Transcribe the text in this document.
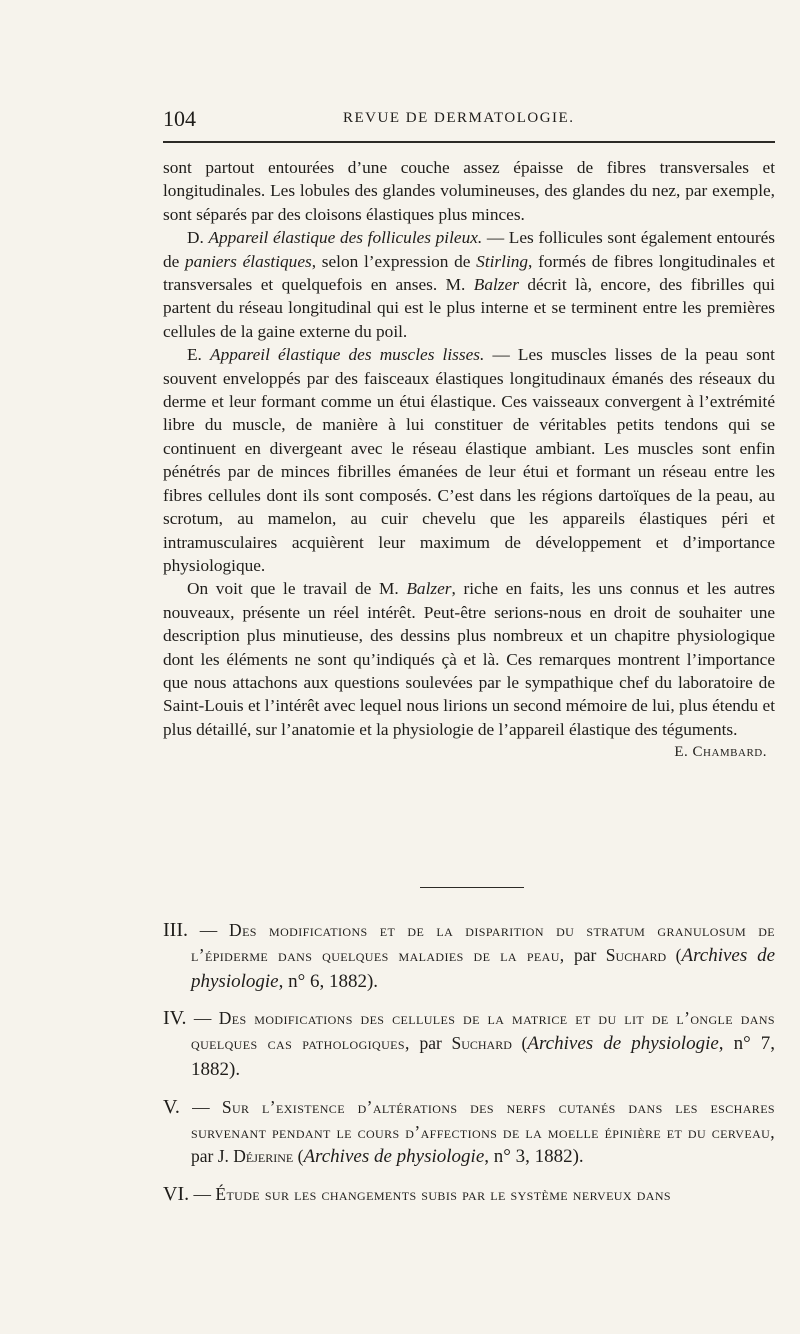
104	REVUE DE DERMATOLOGIE.

sont partout entourées d’une couche assez épaisse de fibres transversales et longitudinales. Les lobules des glandes volumineuses, des glandes du nez, par exemple, sont séparés par des cloisons élastiques plus minces.

D. Appareil élastique des follicules pileux. — Les follicules sont également entourés de paniers élastiques, selon l’expression de Stirling, formés de fibres longitudinales et transversales et quelquefois en anses. M. Balzer décrit là, encore, des fibrilles qui partent du réseau longitudinal qui est le plus interne et se terminent entre les premières cellules de la gaine externe du poil.

E. Appareil élastique des muscles lisses. — Les muscles lisses de la peau sont souvent enveloppés par des faisceaux élastiques longitudinaux émanés des réseaux du derme et leur formant comme un étui élastique. Ces vaisseaux convergent à l’extrémité libre du muscle, de manière à lui constituer de véritables petits tendons qui se continuent en divergeant avec le réseau élastique ambiant. Les muscles sont enfin pénétrés par de minces fibrilles émanées de leur étui et formant un réseau entre les fibres cellules dont ils sont composés. C’est dans les régions dartoïques de la peau, au scrotum, au mamelon, au cuir chevelu que les appareils élastiques péri et intramusculaires acquièrent leur maximum de développement et d’importance physiologique.

On voit que le travail de M. Balzer, riche en faits, les uns connus et les autres nouveaux, présente un réel intérêt. Peut-être serions-nous en droit de souhaiter une description plus minutieuse, des dessins plus nombreux et un chapitre physiologique dont les éléments ne sont qu’indiqués çà et là. Ces remarques montrent l’importance que nous attachons aux questions soulevées par le sympathique chef du laboratoire de Saint-Louis et l’intérêt avec lequel nous lirions un second mémoire de lui, plus étendu et plus détaillé, sur l’anatomie et la physiologie de l’appareil élastique des téguments.
E. Chambard.

III. — Des modifications et de la disparition du stratum granulosum de l’épiderme dans quelques maladies de la peau, par Suchard (Archives de physiologie, n° 6, 1882).

IV. — Des modifications des cellules de la matrice et du lit de l’ongle dans quelques cas pathologiques, par Suchard (Archives de physiologie, n° 7, 1882).

V. — Sur l’existence d’altérations des nerfs cutanés dans les eschares survenant pendant le cours d’affections de la moelle épinière et du cerveau, par J. Déjerine (Archives de physiologie, n° 3, 1882).

VI. — Étude sur les changements subis par le système nerveux dans
